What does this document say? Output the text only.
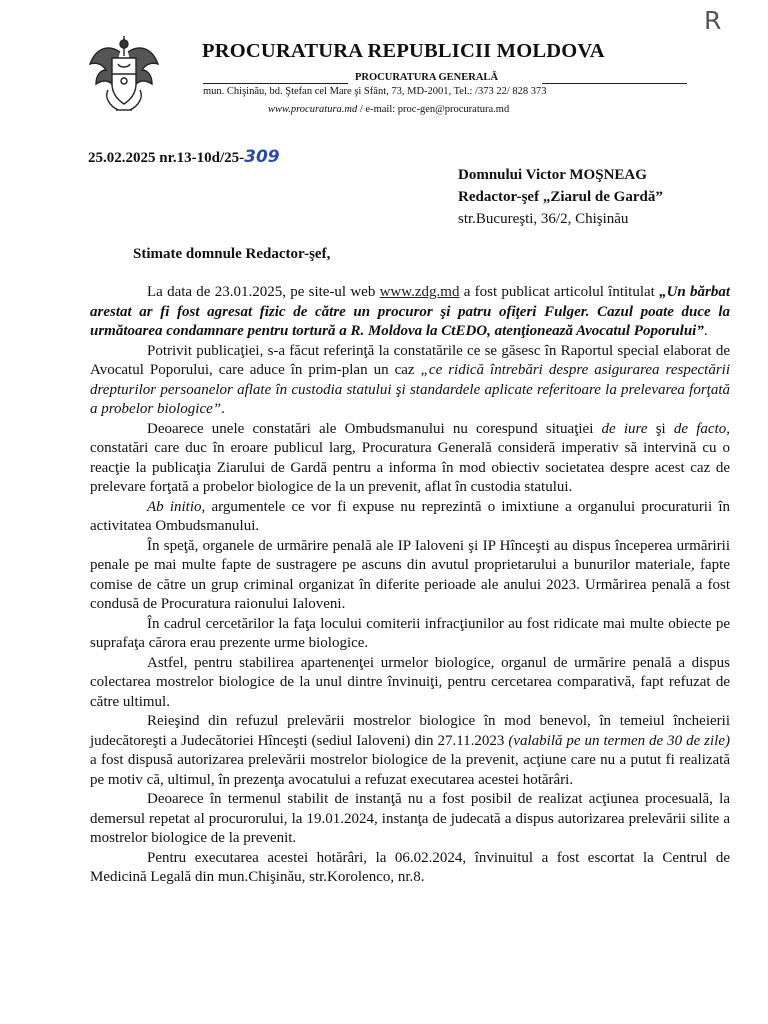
PROCURATURA REPUBLICII MOLDOVA
PROCURATURA GENERALĂ
mun. Chişinău, bd. Ştefan cel Mare şi Sfânt, 73, MD-2001, Tel.: /373 22/ 828 373
www.procuratura.md / e-mail: proc-gen@procuratura.md
R
25.02.2025 nr.13-10d/25-309
Domnului Victor MOŞNEAG
Redactor-şef „Ziarul de Gardă”
str.Bucureşti, 36/2, Chişinău
Stimate domnule Redactor-şef,

La data de 23.01.2025, pe site-ul web www.zdg.md a fost publicat articolul întitulat „Un bărbat arestat ar fi fost agresat fizic de către un procuror şi patru ofiţeri Fulger. Cazul poate duce la următoarea condamnare pentru tortură a R. Moldova la CtEDO, atenţionează Avocatul Poporului”.

Potrivit publicaţiei, s-a făcut referinţă la constatările ce se găsesc în Raportul special elaborat de Avocatul Poporului, care aduce în prim-plan un caz „ce ridică întrebări despre asigurarea respectării drepturilor persoanelor aflate în custodia statului şi standardele aplicate referitoare la prelevarea forţată a probelor biologice”.

Deoarece unele constatări ale Ombudsmanului nu corespund situaţiei de iure şi de facto, constatări care duc în eroare publicul larg, Procuratura Generală consideră imperativ să intervină cu o reacţie la publicaţia Ziarului de Gardă pentru a informa în mod obiectiv societatea despre acest caz de prelevare forţată a probelor biologice de la un prevenit, aflat în custodia statului.

Ab initio, argumentele ce vor fi expuse nu reprezintă o imixtiune a organului procuraturii în activitatea Ombudsmanului.

În speţă, organele de urmărire penală ale IP Ialoveni şi IP Hînceşti au dispus începerea urmăririi penale pe mai multe fapte de sustragere pe ascuns din avutul proprietarului a bunurilor materiale, fapte comise de către un grup criminal organizat în diferite perioade ale anului 2023. Urmărirea penală a fost condusă de Procuratura raionului Ialoveni.

În cadrul cercetărilor la faţa locului comiterii infracţiunilor au fost ridicate mai multe obiecte pe suprafaţa cărora erau prezente urme biologice.

Astfel, pentru stabilirea apartenenţei urmelor biologice, organul de urmărire penală a dispus colectarea mostrelor biologice de la unul dintre învinuiţi, pentru cercetarea comparativă, fapt refuzat de către ultimul.

Reieşind din refuzul prelevării mostrelor biologice în mod benevol, în temeiul încheierii judecătoreşti a Judecătoriei Hînceşti (sediul Ialoveni) din 27.11.2023 (valabilă pe un termen de 30 de zile) a fost dispusă autorizarea prelevării mostrelor biologice de la prevenit, acţiune care nu a putut fi realizată pe motiv că, ultimul, în prezenţa avocatului a refuzat executarea acestei hotărâri.

Deoarece în termenul stabilit de instanţă nu a fost posibil de realizat acţiunea procesuală, la demersul repetat al procurorului, la 19.01.2024, instanţa de judecată a dispus autorizarea prelevării silite a mostrelor biologice de la prevenit.

Pentru executarea acestei hotărâri, la 06.02.2024, învinuitul a fost escortat la Centrul de Medicină Legală din mun.Chişinău, str.Korolenco, nr.8.
